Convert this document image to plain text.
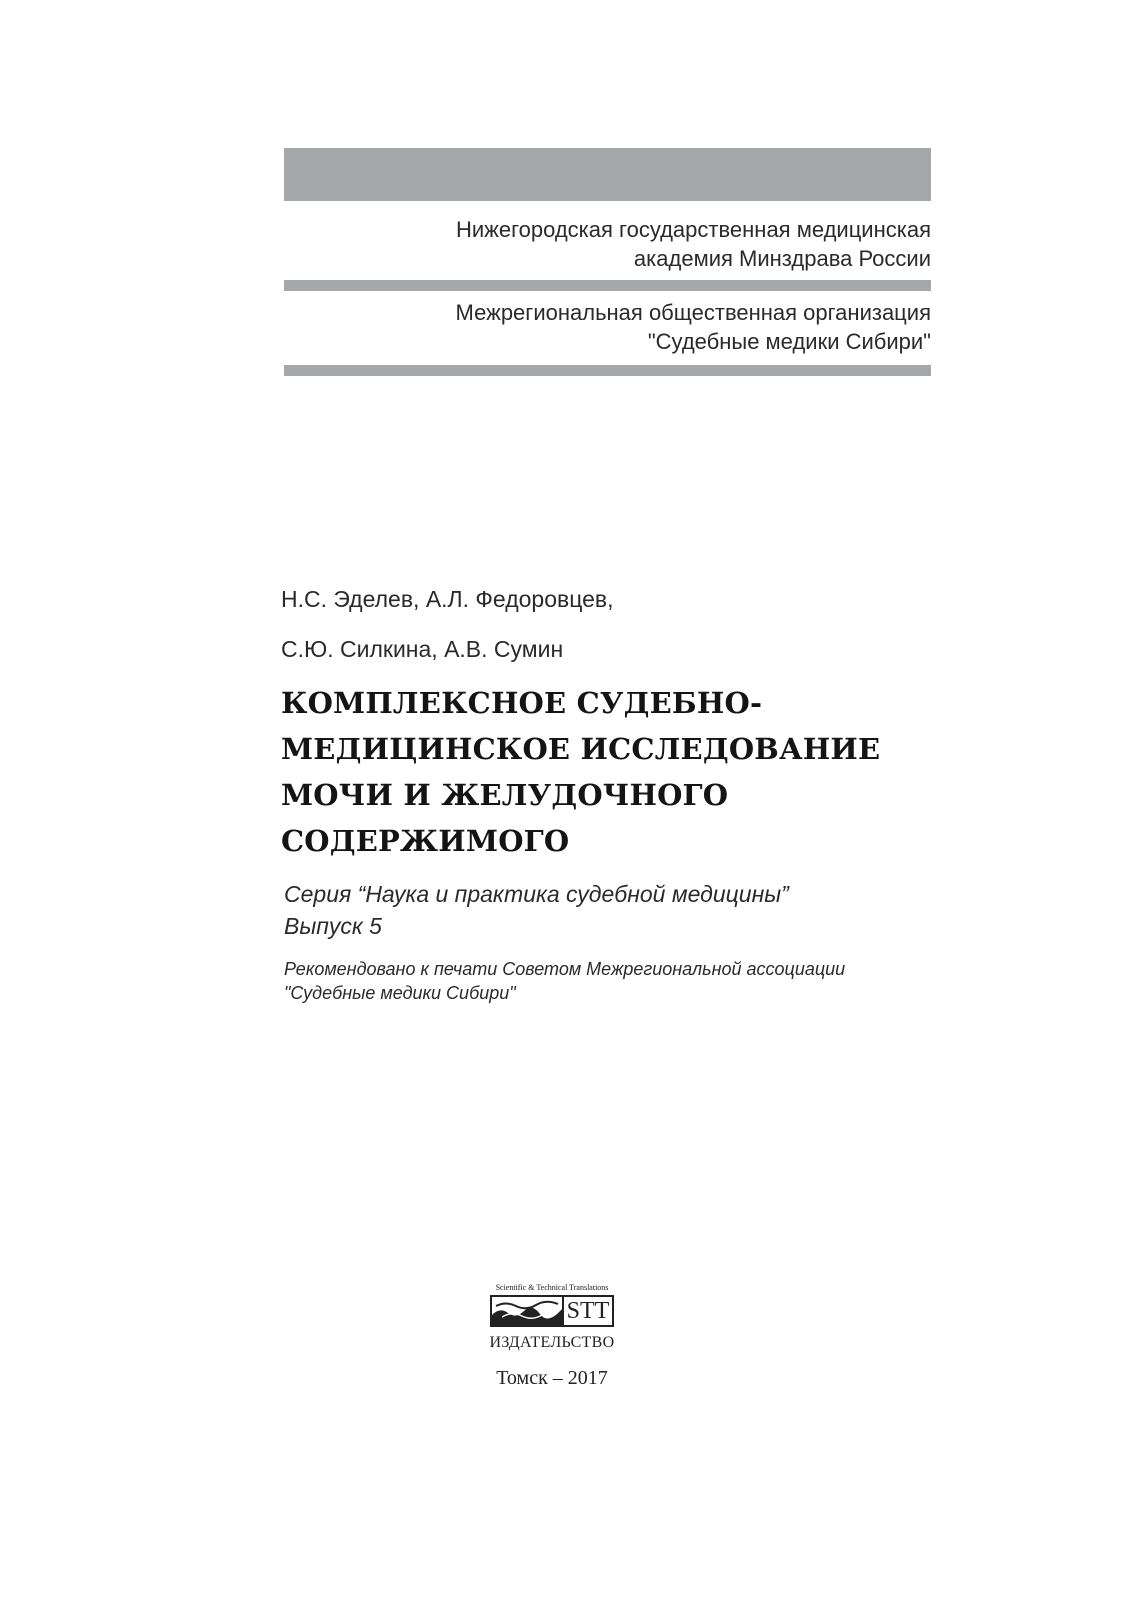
Нижегородская государственная медицинская
академия Минздрава России
Межрегиональная общественная организация
"Судебные медики Сибири"
Н.С. Эделев, А.Л. Федоровцев,
С.Ю. Силкина, А.В. Сумин
КОМПЛЕКСНОЕ СУДЕБНО-
МЕДИЦИНСКОЕ ИССЛЕДОВАНИЕ
МОЧИ И ЖЕЛУДОЧНОГО
СОДЕРЖИМОГО
Серия “Наука и практика судебной медицины”
Выпуск 5
Рекомендовано к печати Советом Межрегиональной ассоциации
"Судебные медики Сибири"
Scientific & Technical Translations
STT
ИЗДАТЕЛЬСТВО
Томск – 2017
